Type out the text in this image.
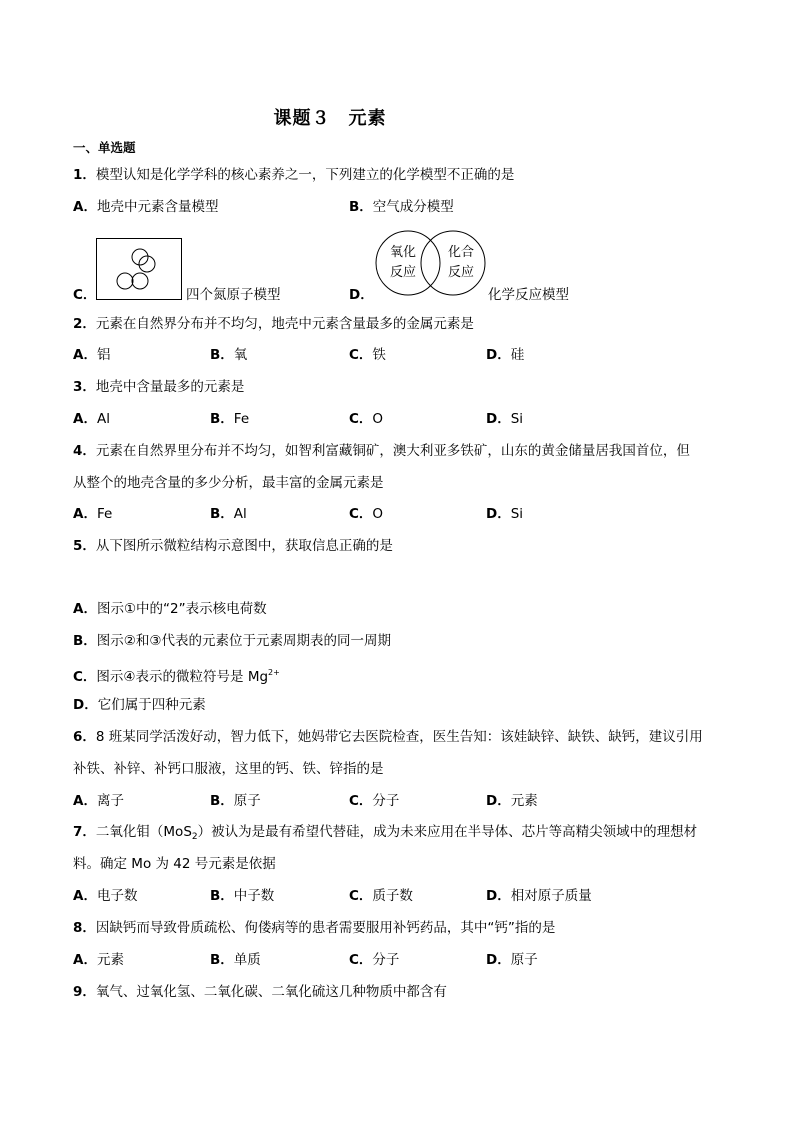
课题３ 元素
一、单选题
1．模型认知是化学学科的核心素养之一，下列建立的化学模型不正确的是
A．地壳中元素含量模型	B．空气成分模型
C．	四个氮原子模型	D．
氧化
反应
化合
反应
化学反应模型
2．元素在自然界分布并不均匀，地壳中元素含量最多的金属元素是
A．铝	B．氧	C．铁	D．硅
3．地壳中含量最多的元素是
A．Al	B．Fe	C．O	D．Si
4．元素在自然界里分布并不均匀，如智利富藏铜矿，澳大利亚多铁矿，山东的黄金储量居我国首位，但
从整个的地壳含量的多少分析，最丰富的金属元素是
A．Fe	B．Al	C．O	D．Si
5．从下图所示微粒结构示意图中，获取信息正确的是
A．图示①中的“2”表示核电荷数
B．图示②和③代表的元素位于元素周期表的同一周期
C．图示④表示的微粒符号是 $Mg^{2+}$
D．它们属于四种元素
6．8 班某同学活泼好动，智力低下，她妈带它去医院检查，医生告知：该娃缺锌、缺铁、缺钙，建议引用
补铁、补锌、补钙口服液，这里的钙、铁、锌指的是
A．离子	B．原子	C．分子	D．元素
7．二氧化钼（MoS$_2$）被认为是最有希望代替硅，成为未来应用在半导体、芯片等高精尖领域中的理想材
料。确定 Mo 为 42 号元素是依据
A．电子数	B．中子数	C．质子数	D．相对原子质量
8．因缺钙而导致骨质疏松、佝偻病等的患者需要服用补钙药品，其中“钙”指的是
A．元素	B．单质	C．分子	D．原子
9．氧气、过氧化氢、二氧化碳、二氧化硫这几种物质中都含有
